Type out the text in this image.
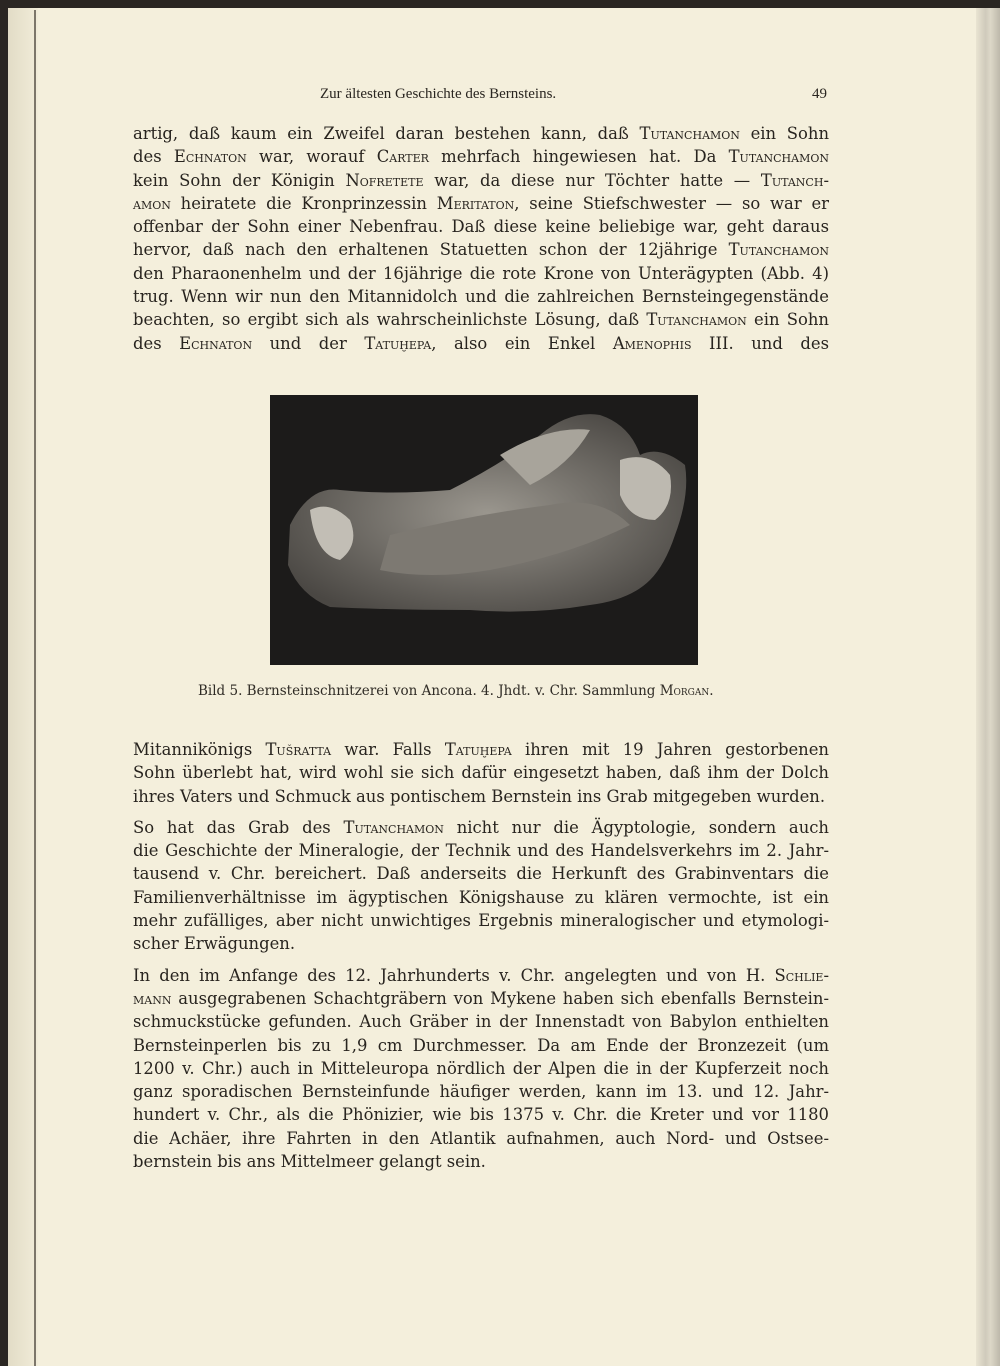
Zur ältesten Geschichte des Bernsteins.	49
artig, daß kaum ein Zweifel daran bestehen kann, daß Tutanchamon ein Sohn
des Echnaton war, worauf Carter mehrfach hingewiesen hat. Da Tutanchamon
kein Sohn der Königin Nofretete war, da diese nur Töchter hatte — Tutanch-
amon heiratete die Kronprinzessin Meritaton, seine Stiefschwester — so war er
offenbar der Sohn einer Nebenfrau. Daß diese keine beliebige war, geht daraus
hervor, daß nach den erhaltenen Statuetten schon der 12jährige Tutanchamon
den Pharaonenhelm und der 16jährige die rote Krone von Unterägypten (Abb. 4)
trug. Wenn wir nun den Mitannidolch und die zahlreichen Bernsteingegenstände
beachten, so ergibt sich als wahrscheinlichste Lösung, daß Tutanchamon ein Sohn
des Echnaton und der Tatuḫepa, also ein Enkel Amenophis III. und des
Bild 5. Bernsteinschnitzerei von Ancona. 4. Jhdt. v. Chr. Sammlung Morgan.
Mitannikönigs Tušratta war. Falls Tatuḫepa ihren mit 19 Jahren gestorbenen
Sohn überlebt hat, wird wohl sie sich dafür eingesetzt haben, daß ihm der Dolch
ihres Vaters und Schmuck aus pontischem Bernstein ins Grab mitgegeben wurden.
So hat das Grab des Tutanchamon nicht nur die Ägyptologie, sondern auch
die Geschichte der Mineralogie, der Technik und des Handelsverkehrs im 2. Jahr-
tausend v. Chr. bereichert. Daß anderseits die Herkunft des Grabinventars die
Familienverhältnisse im ägyptischen Königshause zu klären vermochte, ist ein
mehr zufälliges, aber nicht unwichtiges Ergebnis mineralogischer und etymologi-
scher Erwägungen.
In den im Anfange des 12. Jahrhunderts v. Chr. angelegten und von H. Schlie-
mann ausgegrabenen Schachtgräbern von Mykene haben sich ebenfalls Bernstein-
schmuckstücke gefunden. Auch Gräber in der Innenstadt von Babylon enthielten
Bernsteinperlen bis zu 1,9 cm Durchmesser. Da am Ende der Bronzezeit (um
1200 v. Chr.) auch in Mitteleuropa nördlich der Alpen die in der Kupferzeit noch
ganz sporadischen Bernsteinfunde häufiger werden, kann im 13. und 12. Jahr-
hundert v. Chr., als die Phönizier, wie bis 1375 v. Chr. die Kreter und vor 1180
die Achäer, ihre Fahrten in den Atlantik aufnahmen, auch Nord- und Ostsee-
bernstein bis ans Mittelmeer gelangt sein.
